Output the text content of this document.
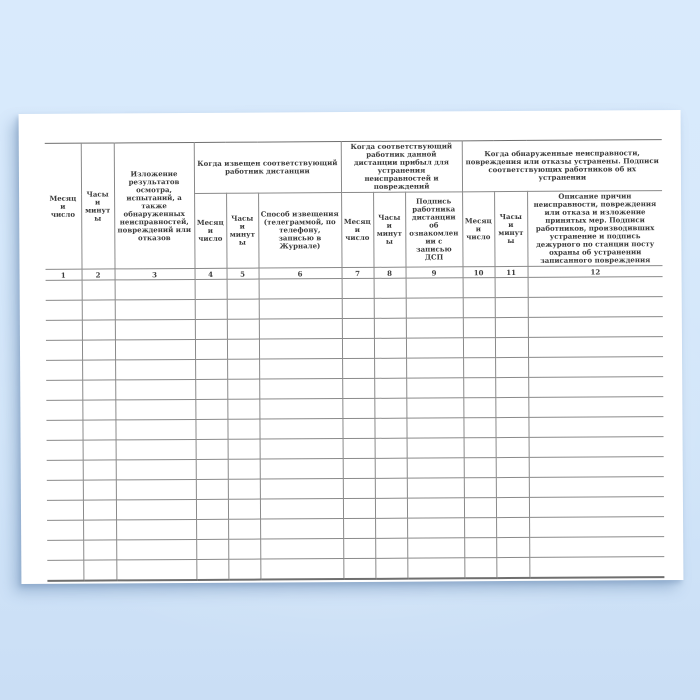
Месяц и число	Часы и минуты	Изложение результатов осмотра, испытаний, а также обнаруженных неисправностей, повреждений или отказов	Когда извещен соответствующий работник дистанции			Когда соответствующий работник данной дистанции прибыл для устранения неисправностей и повреждений			Когда обнаруженные неисправности, повреждения или отказы устранены. Подписи соответствующих работников об их устранении		
			Месяц и число	Часы и минуты	Способ извещения (телеграммой, по телефону, записью в Журнале)	Месяц и число	Часы и минуты	Подпись работника дистанции об ознакомлении с записью ДСП	Месяц и число	Часы и минуты	Описание причин неисправности, повреждения или отказа и изложение принятых мер. Подписи работников, производивших устранение и подпись дежурного по станции посту охраны об устранении записанного повреждения
1	2	3	4	5	6	7	8	9	10	11	12
